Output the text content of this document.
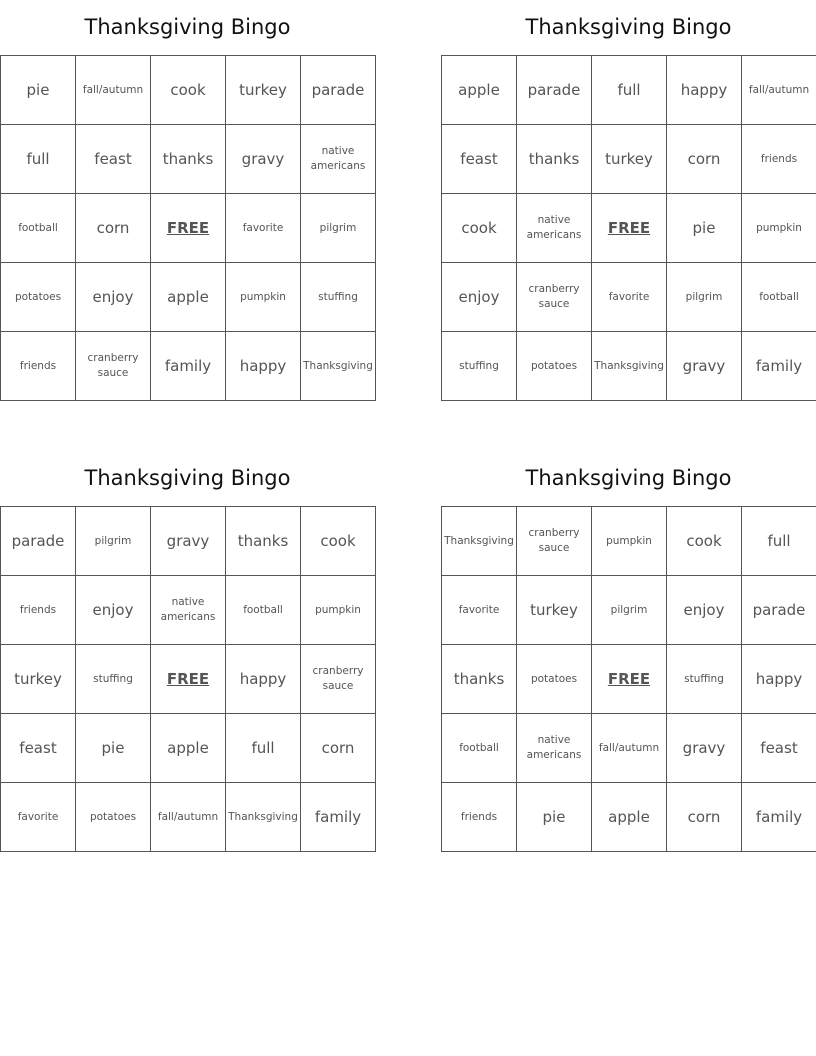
Thanksgiving Bingo
pie	fall/autumn	cook	turkey	parade
full	feast	thanks	gravy	native americans
football	corn	FREE	favorite	pilgrim
potatoes	enjoy	apple	pumpkin	stuffing
friends	cranberry sauce	family	happy	Thanksgiving
Thanksgiving Bingo
apple	parade	full	happy	fall/autumn
feast	thanks	turkey	corn	friends
cook	native americans	FREE	pie	pumpkin
enjoy	cranberry sauce	favorite	pilgrim	football
stuffing	potatoes	Thanksgiving	gravy	family
Thanksgiving Bingo
parade	pilgrim	gravy	thanks	cook
friends	enjoy	native americans	football	pumpkin
turkey	stuffing	FREE	happy	cranberry sauce
feast	pie	apple	full	corn
favorite	potatoes	fall/autumn	Thanksgiving	family
Thanksgiving Bingo
Thanksgiving	cranberry sauce	pumpkin	cook	full
favorite	turkey	pilgrim	enjoy	parade
thanks	potatoes	FREE	stuffing	happy
football	native americans	fall/autumn	gravy	feast
friends	pie	apple	corn	family
